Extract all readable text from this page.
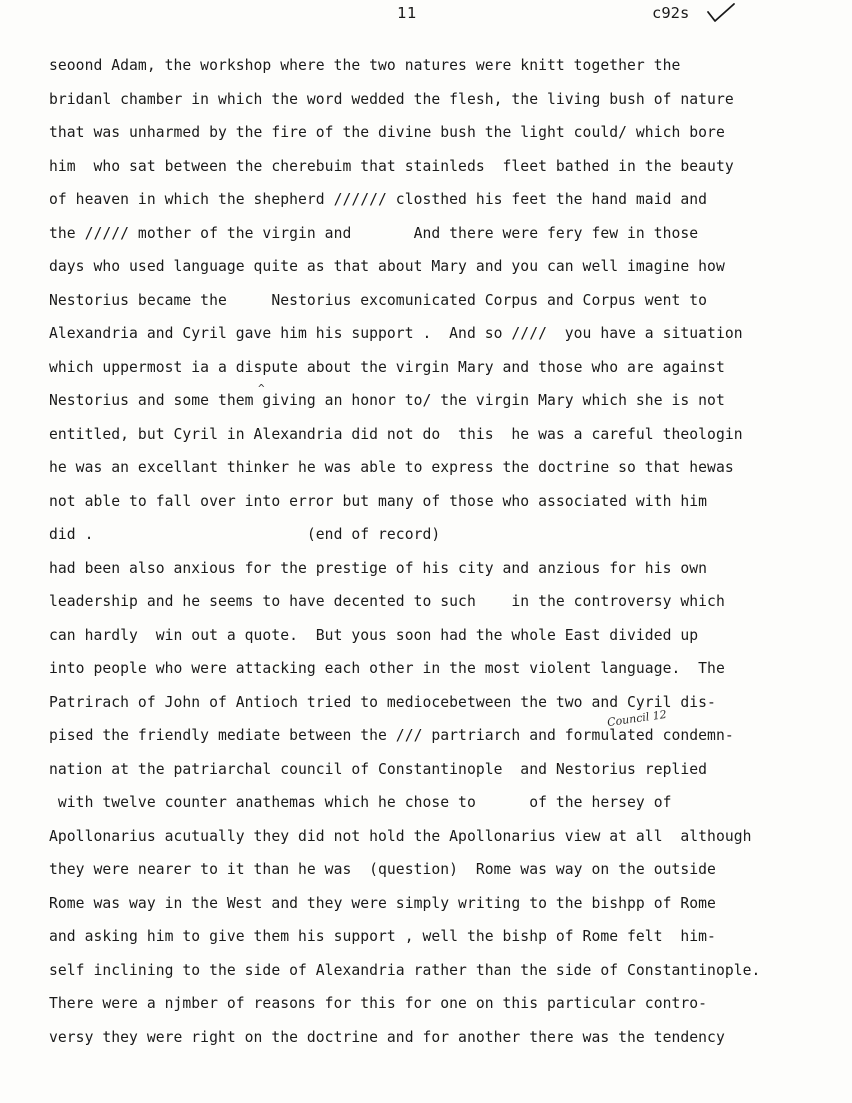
11	c92s
^
Council 12
seoond Adam, the workshop where the two natures were knitt together the
bridanl chamber in which the word wedded the flesh, the living bush of nature
that was unharmed by the fire of the divine bush the light could/ which bore
him  who sat between the cherebuim that stainleds  fleet bathed in the beauty
of heaven in which the shepherd ////// closthed his feet the hand maid and
the ///// mother of the virgin and       And there were fery few in those
days who used language quite as that about Mary and you can well imagine how
Nestorius became the     Nestorius excomunicated Corpus and Corpus went to
Alexandria and Cyril gave him his support .  And so ////  you have a situation
which uppermost ia a dispute about the virgin Mary and those who are against
Nestorius and some them giving an honor to/ the virgin Mary which she is not
entitled, but Cyril in Alexandria did not do  this  he was a careful theologin
he was an excellant thinker he was able to express the doctrine so that hewas
not able to fall over into error but many of those who associated with him
did .                        (end of record)
had been also anxious for the prestige of his city and anzious for his own
leadership and he seems to have decented to such    in the controversy which
can hardly  win out a quote.  But yous soon had the whole East divided up
into people who were attacking each other in the most violent language.  The
Patrirach of John of Antioch tried to mediocebetween the two and Cyril dis-
pised the friendly mediate between the /// partriarch and formulated condemn-
nation at the patriarchal council of Constantinople  and Nestorius replied
with twelve counter anathemas which he chose to      of the hersey of
Apollonarius acutually they did not hold the Apollonarius view at all  although
they were nearer to it than he was  (question)  Rome was way on the outside
Rome was way in the West and they were simply writing to the bishpp of Rome
and asking him to give them his support , well the bishp of Rome felt  him-
self inclining to the side of Alexandria rather than the side of Constantinople.
There were a njmber of reasons for this for one on this particular contro-
versy they were right on the doctrine and for another there was the tendency
